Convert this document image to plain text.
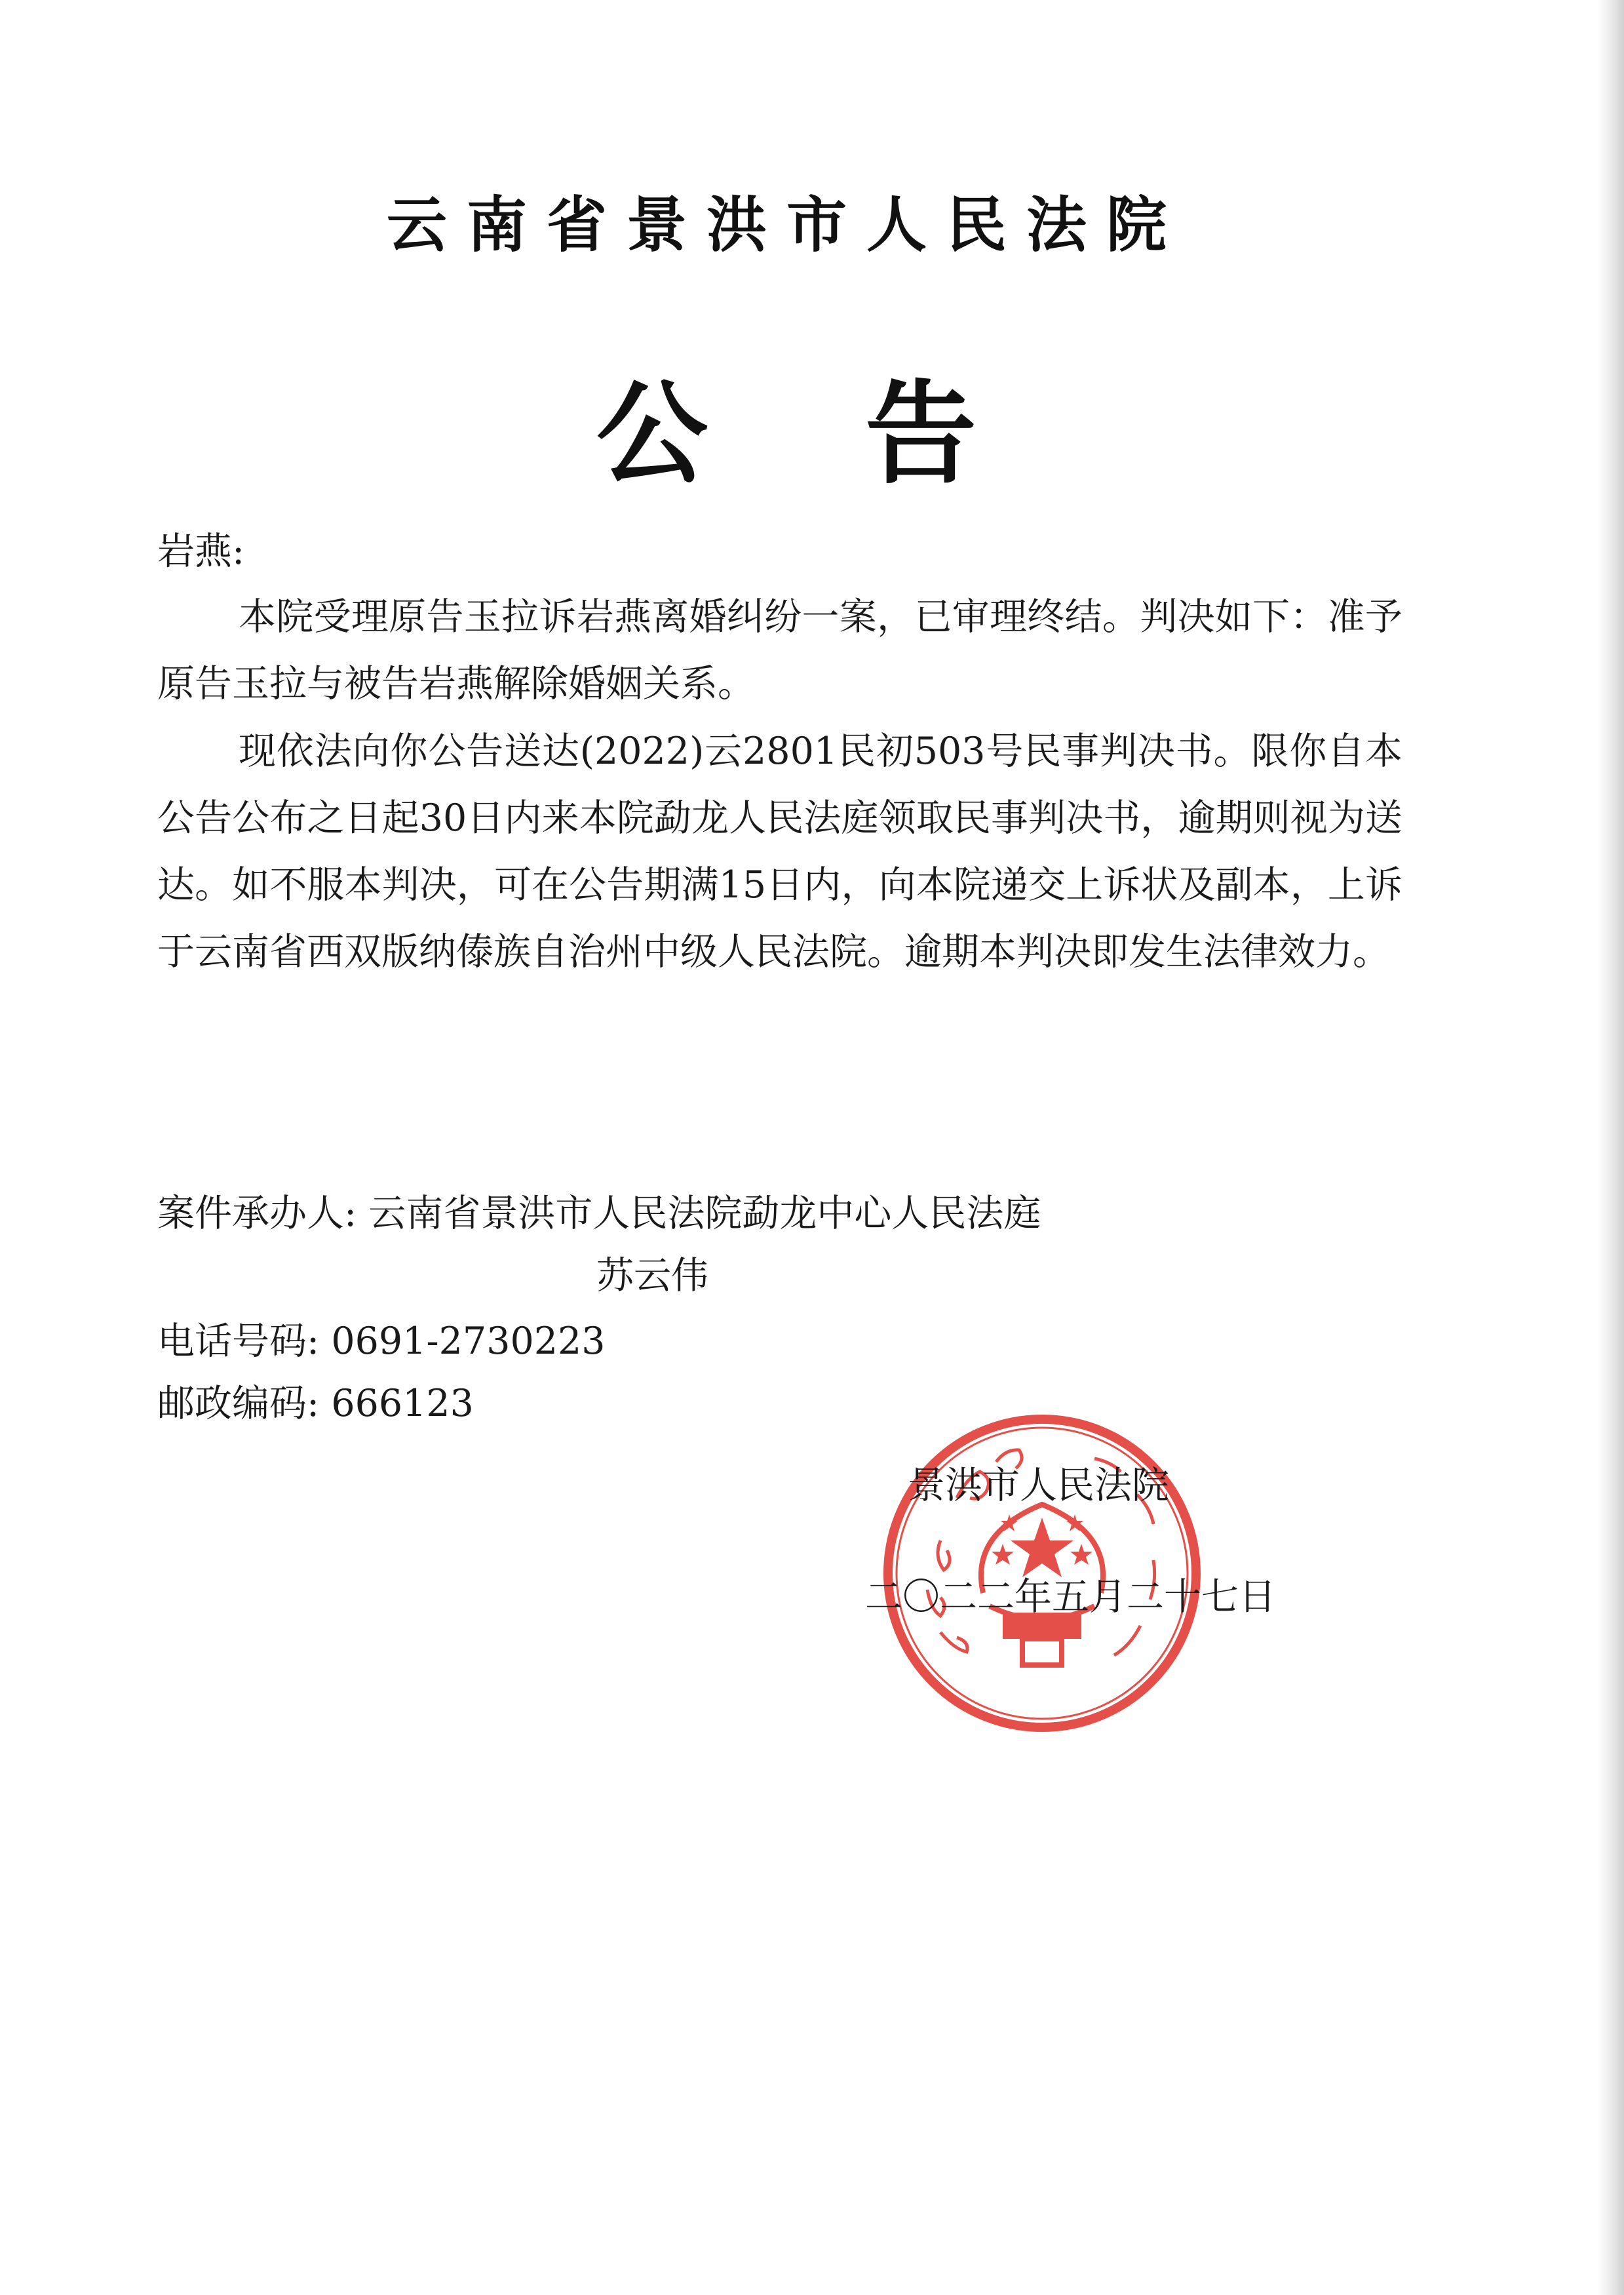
云南省景洪市人民法院
公告
岩燕:

本院受理原告玉拉诉岩燕离婚纠纷一案，已审理终结。判决如下：准予原告玉拉与被告岩燕解除婚姻关系。

现依法向你公告送达(2022)云2801民初503号民事判决书。限你自本公告公布之日起30日内来本院勐龙人民法庭领取民事判决书，逾期则视为送达。如不服本判决，可在公告期满15日内，向本院递交上诉状及副本，上诉于云南省西双版纳傣族自治州中级人民法院。逾期本判决即发生法律效力。

案件承办人: 云南省景洪市人民法院勐龙中心人民法庭
苏云伟
电话号码: 0691-2730223
邮政编码: 666123
景洪市人民法院
二〇二二年五月二十七日
